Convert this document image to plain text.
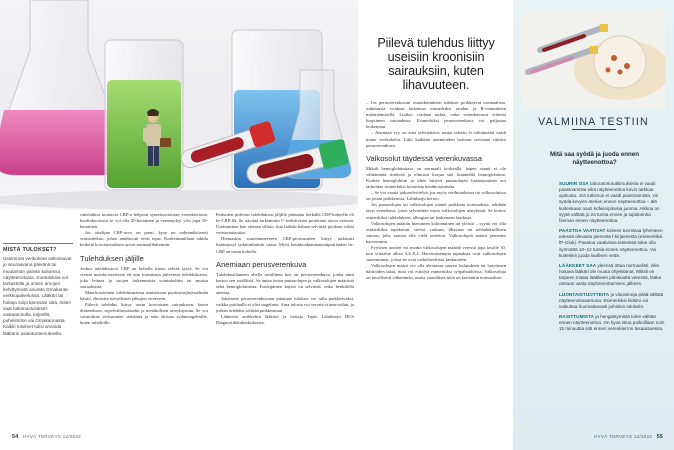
rintelohkot tuottavat CRP:n helposti syntetisoitavaan verenkiertoon, kuolinkoorossa se voi olla 20-kertainen ja veremyrkyt ylös jopa 50-kertainen.

Jos ottelijan CRP-arvo on pieni, kyse on todennäköisesti virusinfektio, johon antibiootit eivät tepsi. Korkeimmillaan tahtila korkein koronaviruksen arvon normaalilukemiin.

Tulehduksen jäljille

Joskus tulehdusarvo CRP on koholla ilman selvää syytä. Se voi viestiä matala-asteisesta eli niin kutsutusta piilevästä tulehduksesta, joka lettuaa ja suojen tiukemmista sointukolttin tai muista sairauksista.

Matala-asteinen tulehdusmaissa muistetaan puolustusjärjestelmän häiriö, ehtoisiin turvallisten jalkojen oireeseen.

Piilevä tulehdus liittyy usein kroonisten sairauksien, kuten diabeteksen, sepelvaltimotaudin ja metabolisen oireyhtymän. Se voi vaurioittaa verisuonten seinämiä ja näin altistaa sydänongelmille, kuten infarktille.

Parhaiten piilevän tulehduksen jäljille päästään herkällä CRP-kokeella eli hs-CRP:llä. Se näyttää tarkemmin C-reaktiivisen proteiinin tason veressä. Useimmiten koe otetaan silloin, kun lääkäri haluaa selvittää potilaan riskiä verisuonitautiin.

Hiemaskin suurentuneeseen CRP-pitoisuuteen liittyy tutkitusti lisääntynyt sydäninfarktin vaara. Myös keuhkoahtaumatautipotilaiden hs-CRP on usein koholla.

Anemiaan perusverenkuva

Tulehdustilanteen ohella tavallinen koe on perusverenkuva, jonka nimi kertoo sen sisällöstä. Se antaa tietoa punasolujen ja valkosolujen määrästä sekä hemoglobiinista. Ensisijainen käyttö on selvittää, onko henkilöllä anemia.

Jokaiseen perusverenkuvaan mitataan tulokset voi tulla poikkeavaksi, vaikka potilaalla ei olisi ongelmia. Aina tulosta voi verrata viitearvoihin, ja joskus tulehdus selittää poikkeaman.

Lähteenä artikkeliin lääkärit ja hoitaja Tapio Lahtiharju HUS Diagnostiikkakeskuksesta.

MISTÄ TULOKSET?
Useimmat verikokeet valmistuvat jo seuraavana päivänä tai muutaman päivän kuluessa näytteenotosta. Koetuloksia voi tarkastella ja omien arvojen kehittymistä seurata Omakanta-verkkopalvelussa. Lääkäri tai hoitaja soipi kanssasi siitä, miten saat tutkimustulokset: vastaanotolla, kirjeellä, puhelimitse vai Omakannasta. Kaikki tulokset tulisi arvioida lääkärin asiantuntemuksella.
54 HYVÄ TERVEYS 12/2022
Piilevä tulehdus liittyy useisiin kroonisiin sairauksiin, kuten lihavuuteen.

– Jos perusverenkuvan osatutkimuksen tulokset poikkeavat normaalista, tutkimusta voidaan tarkentaa esimerkiksi raudan ja B-vitamiinien määrittämisellä. Lisäksi voidaan tutkia, onko verenkuvassa viitteitä luuytimen sairaudesta. Esimerkiksi perusverenkuva voi paljastaa leukemian.

– Anemian syy on aina selvitettävä, mutta sekään ei välttämättä vaadi muita verikokeita. Liiki kaikkiin anemioiden hoitoon tarvitaan riittävä perusverenkuva.

Valkosolut täydessä verenkuvassa

Mikäli hemoglobiinitaso on normaali korkealla, hapen saanti ei ole välttämättä riittävää ja elimistö korjaa sitä lisäämällä hemoglobiinia. Korkea hemoglobiini ja tiheä liittyvä punasolujen lisääntyminen voi tarkoittaa esimerkiksi kroonista keuhkosairautta.

– Se voi vaatia jatkoselvittelyä, jos myös verihiutaleissa tai valkosoluissa on jotain poikkeavaa, Lahtiharju kertoo.

Jos punasolujen tai valkosolujen määrä poikkeaa normaalista, tehdään täysi verenkuva, jossa selvitetään myös valkosolujen alaryhmät. Se kertoo esimerkiksi tulehduksen, allergian tai leukemian laadusta.

Valkosolujen määrän hienoinen kohoaminen on yleistä – syynä voi olla esimerkiksi tupakointi, stressi, raskaus, lihavuus tai tulehduksellinen sairaus, joka saattaa olla vielä oireeton. Valkosolujen määrä pienenee harvemmin.

Fyysisen tautien voi monia valkosolujen määrää veressä jopa tasolle 30, kun viitealue alkaa 3,4–8,2. Harvinaisempia tapauksia ovat valkosolujen suurentumat, joissa ne ovat vaihteluvälissä keskuuteen.

Valkosolujen määrä voi olla alentunut suuren kulutuksen tai luuytimen häiriöiden takia, mitä voi esiintyä esimerkiksi syöpähoidoissa. Valkosoluja on tavallisesti vähemmän, mutta vaarallisia niitä on kuitenkin normaaliset.

VALMIINA TESTIIN
Mitä saa syödä ja juoda ennen näytteenottoa?

SUURIN OSA laboratoriotutkimuksista ei vaadi paastoamista eikä näytteenottoa kovin tarkkaa ajoitusta. Jos tutkimus ei vaadi paastoamista, voi syödä kevyen aterian ennen näytteenottoa – älä kuitenkaan nauti kofeiinipitoisia juomia. Aikkoa on syytä välttää jo 24 tuntia ennen ja tupakointia hieman ennen näytteenottoa.

PAASTOA VAATIVAT kokeen tunnistaa lyhenteen edessä olevasta pienestä f-kirjaimesta (esimerkiksi fP-Gluk). Paastoa vaativissa testeissä tulee olla syömättä 10–12 tuntia ennen näytteenottoa. Voi kuitenkin juoda laulliven vettä.

LÄÄKKEET SAA yleensä ottaa normaalisti, ellei hoitava lääkäri ole muuta ohjeistanut. Mikäli on tarpeen mitata lääkkeen pitoisuutta veressä, lääke otetaan vasta näytteenottamisen jälkeen.

LUONTAISTUOTTEITA ja vitamiineja pitää välttää näytteenottoaamuna. Esimerkiksi biotiini voi vaikuttaa huomattavasti joihinkin tuloksiin.

RASITTUMISTA ja hengästymistä tulee välttää ennen näytteenottoa. On hyvä istua paikoillaan noin 15 minuuttia sitä ennen verenkierron tasaantuessa.

HYVÄ TERVEYS 12/2022 55
